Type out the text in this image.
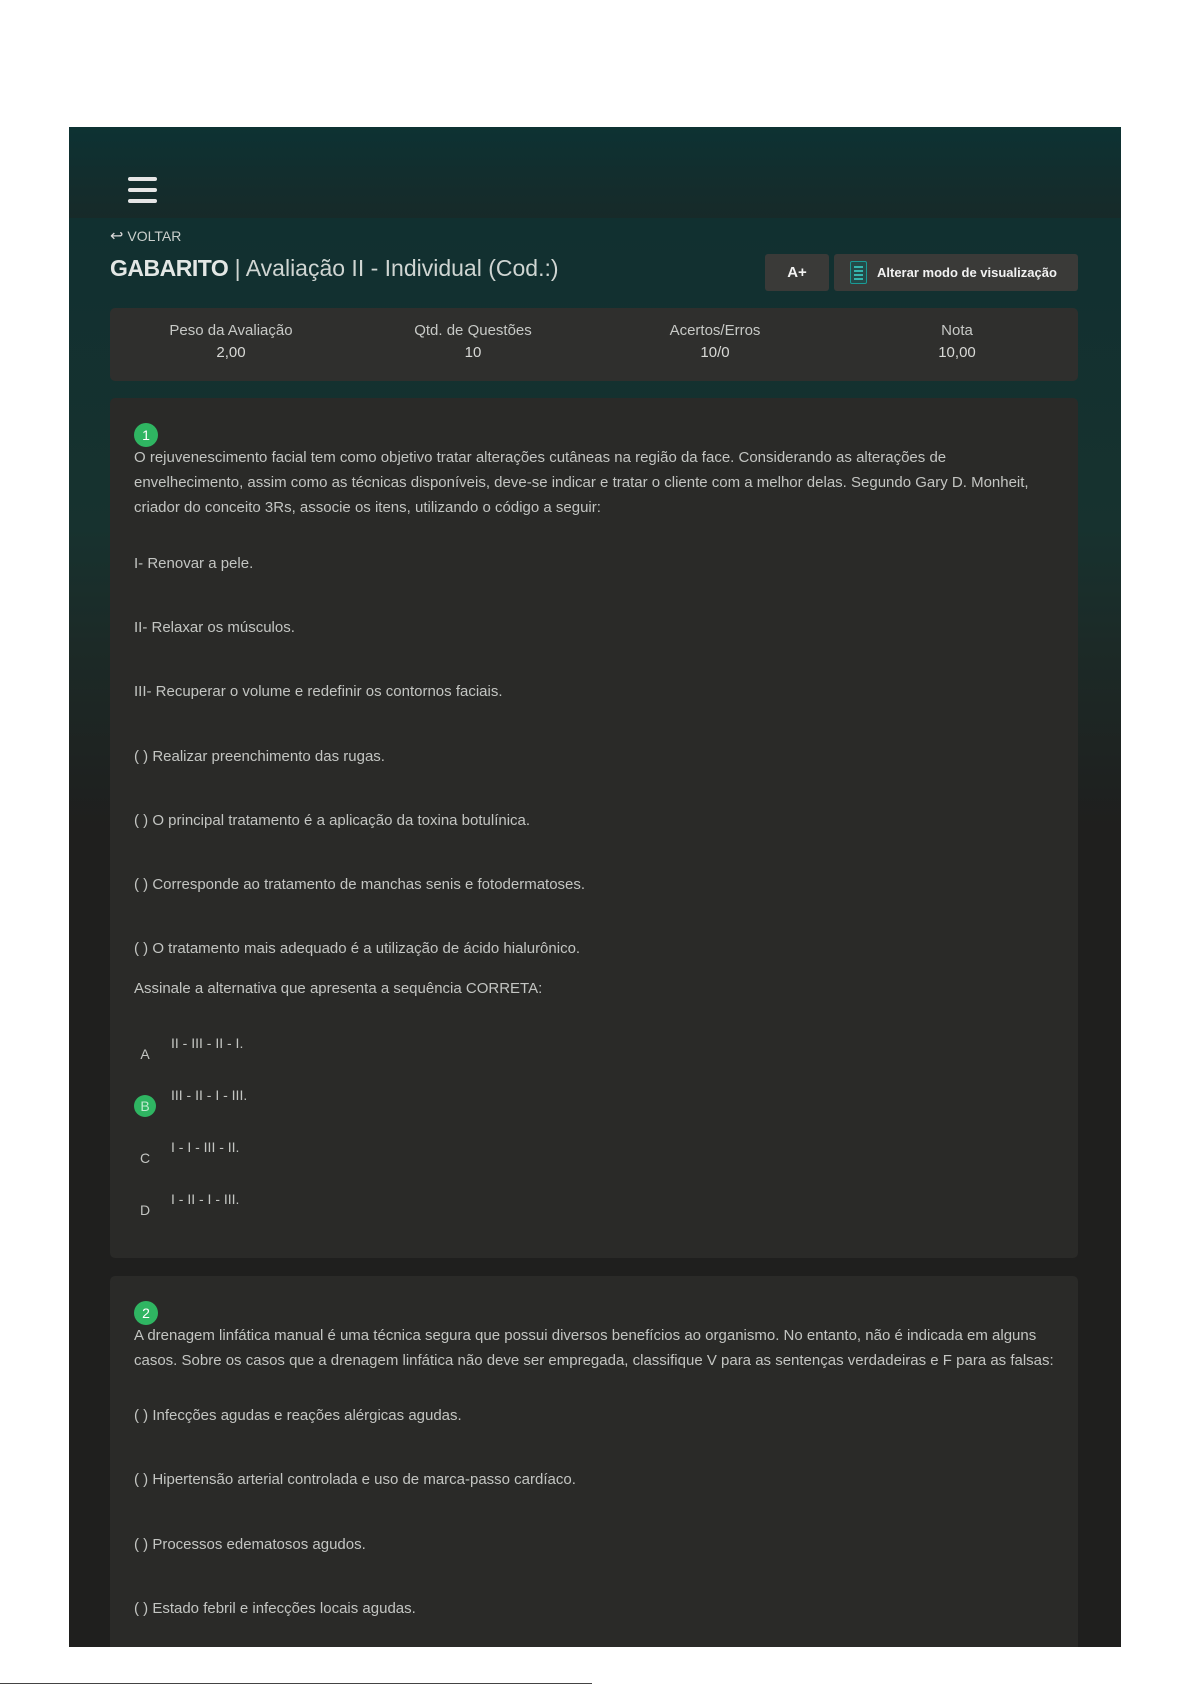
↩ VOLTAR
GABARITO | Avaliação II - Individual (Cod.:)	A+	Alterar modo de visualização
Peso da Avaliação
2,00
Qtd. de Questões
10
Acertos/Erros
10/0
Nota
10,00
1
O rejuvenescimento facial tem como objetivo tratar alterações cutâneas na região da face. Considerando as alterações de envelhecimento, assim como as técnicas disponíveis, deve-se indicar e tratar o cliente com a melhor delas. Segundo Gary D. Monheit, criador do conceito 3Rs, associe os itens, utilizando o código a seguir:
I- Renovar a pele.
II- Relaxar os músculos.
III- Recuperar o volume e redefinir os contornos faciais.
( ) Realizar preenchimento das rugas.
( ) O principal tratamento é a aplicação da toxina botulínica.
( ) Corresponde ao tratamento de manchas senis e fotodermatoses.
( ) O tratamento mais adequado é a utilização de ácido hialurônico.
Assinale a alternativa que apresenta a sequência CORRETA:
A
II - III - II - I.
B
III - II - I - III.
C
I - I - III - II.
D
I - II - I - III.
2
A drenagem linfática manual é uma técnica segura que possui diversos benefícios ao organismo. No entanto, não é indicada em alguns casos. Sobre os casos que a drenagem linfática não deve ser empregada, classifique V para as sentenças verdadeiras e F para as falsas:
( ) Infecções agudas e reações alérgicas agudas.
( ) Hipertensão arterial controlada e uso de marca-passo cardíaco.
( ) Processos edematosos agudos.
( ) Estado febril e infecções locais agudas.
